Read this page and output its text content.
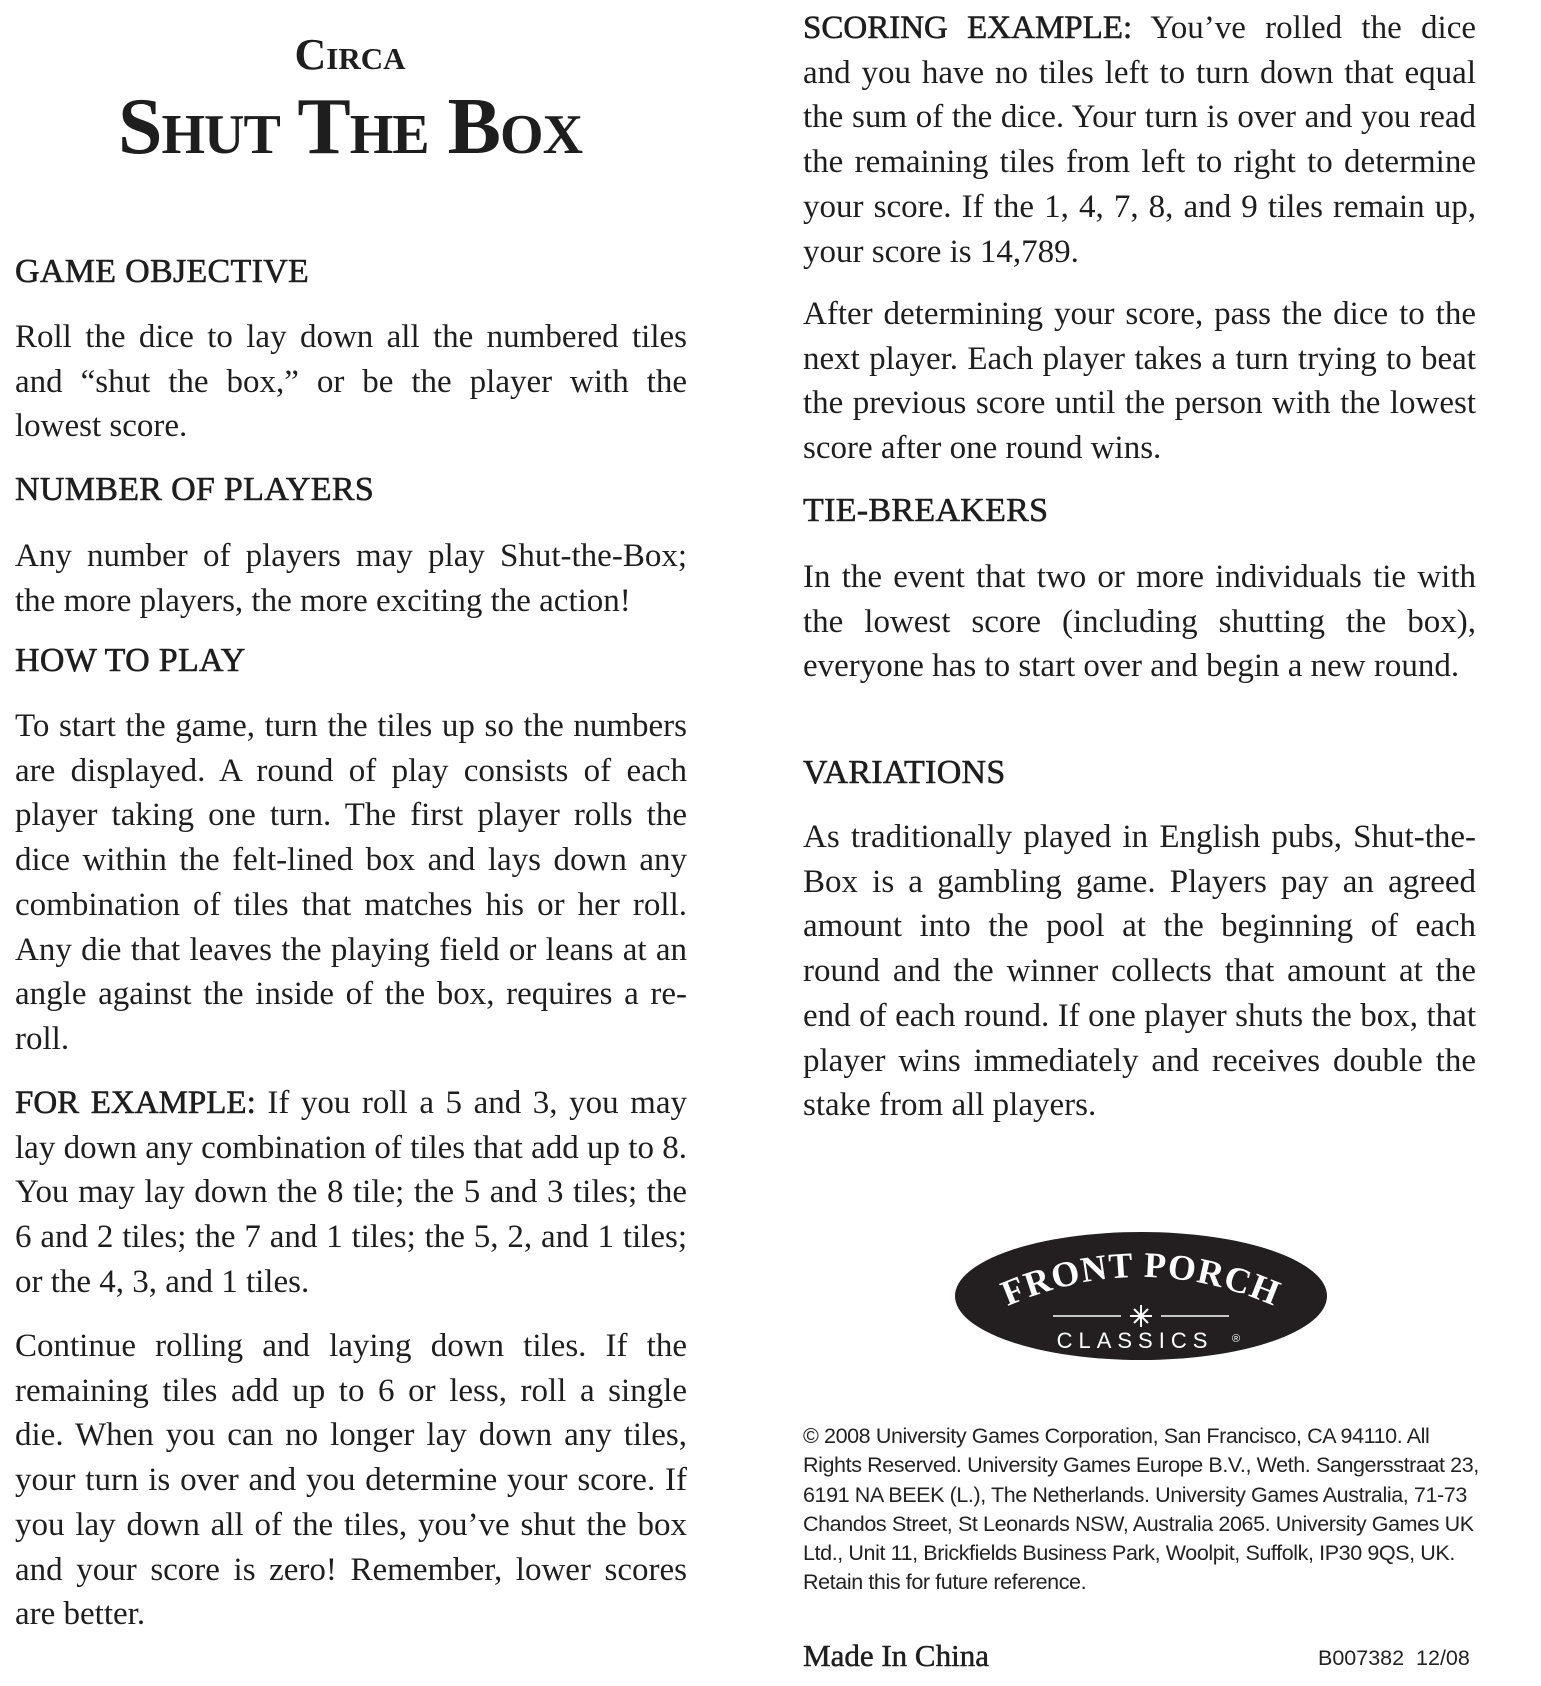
Circa
Shut The Box
GAME OBJECTIVE
Roll the dice to lay down all the numbered tiles and “shut the box,” or be the player with the lowest score.
NUMBER OF PLAYERS
Any number of players may play Shut-the-Box; the more players, the more exciting the action!
HOW TO PLAY
To start the game, turn the tiles up so the numbers are displayed. A round of play consists of each player taking one turn. The first player rolls the dice within the felt-lined box and lays down any combination of tiles that matches his or her roll. Any die that leaves the playing field or leans at an angle against the inside of the box, requires a re-roll.
FOR EXAMPLE: If you roll a 5 and 3, you may lay down any combination of tiles that add up to 8. You may lay down the 8 tile; the 5 and 3 tiles; the 6 and 2 tiles; the 7 and 1 tiles; the 5, 2, and 1 tiles; or the 4, 3, and 1 tiles.
Continue rolling and laying down tiles. If the remaining tiles add up to 6 or less, roll a single die. When you can no longer lay down any tiles, your turn is over and you determine your score. If you lay down all of the tiles, you’ve shut the box and your score is zero! Remember, lower scores are better.
SCORING EXAMPLE: You’ve rolled the dice and you have no tiles left to turn down that equal the sum of the dice. Your turn is over and you read the remaining tiles from left to right to determine your score. If the 1, 4, 7, 8, and 9 tiles remain up, your score is 14,789.
After determining your score, pass the dice to the next player. Each player takes a turn trying to beat the previous score until the person with the lowest score after one round wins.
TIE-BREAKERS
In the event that two or more individuals tie with the lowest score (including shutting the box), everyone has to start over and begin a new round.
VARIATIONS
As traditionally played in English pubs, Shut-the-Box is a gambling game. Players pay an agreed amount into the pool at the beginning of each round and the winner collects that amount at the end of each round. If one player shuts the box, that player wins immediately and receives double the stake from all players.
FRONT PORCH
CLASSICS ®
© 2008 University Games Corporation, San Francisco, CA 94110. All Rights Reserved. University Games Europe B.V., Weth. Sangersstraat 23, 6191 NA BEEK (L.), The Netherlands. University Games Australia, 71-73 Chandos Street, St Leonards NSW, Australia 2065. University Games UK Ltd., Unit 11, Brickfields Business Park, Woolpit, Suffolk, IP30 9QS, UK. Retain this for future reference.
Made In China	B007382  12/08
